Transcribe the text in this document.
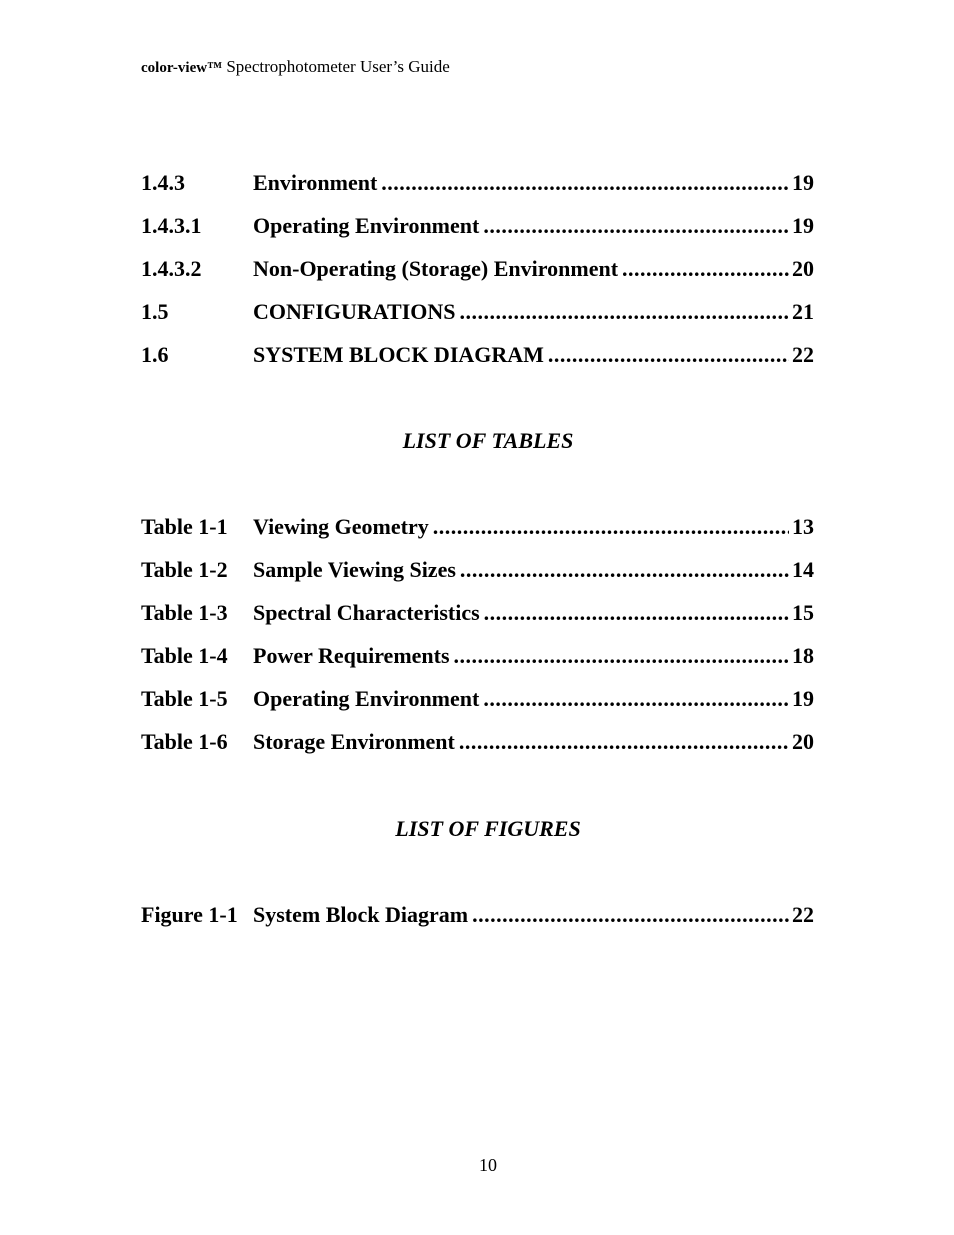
color-view™ Spectrophotometer User’s Guide
1.4.3	Environment .....	19
1.4.3.1	Operating Environment .....	19
1.4.3.2	Non-Operating (Storage) Environment .....	20
1.5	CONFIGURATIONS .....	21
1.6	SYSTEM BLOCK DIAGRAM .....	22
LIST OF TABLES
Table 1-1	Viewing Geometry .....	13
Table 1-2	Sample Viewing Sizes .....	14
Table 1-3	Spectral Characteristics .....	15
Table 1-4	Power Requirements .....	18
Table 1-5	Operating Environment .....	19
Table 1-6	Storage Environment .....	20
LIST OF FIGURES
Figure 1-1 System Block Diagram .....	22
10
